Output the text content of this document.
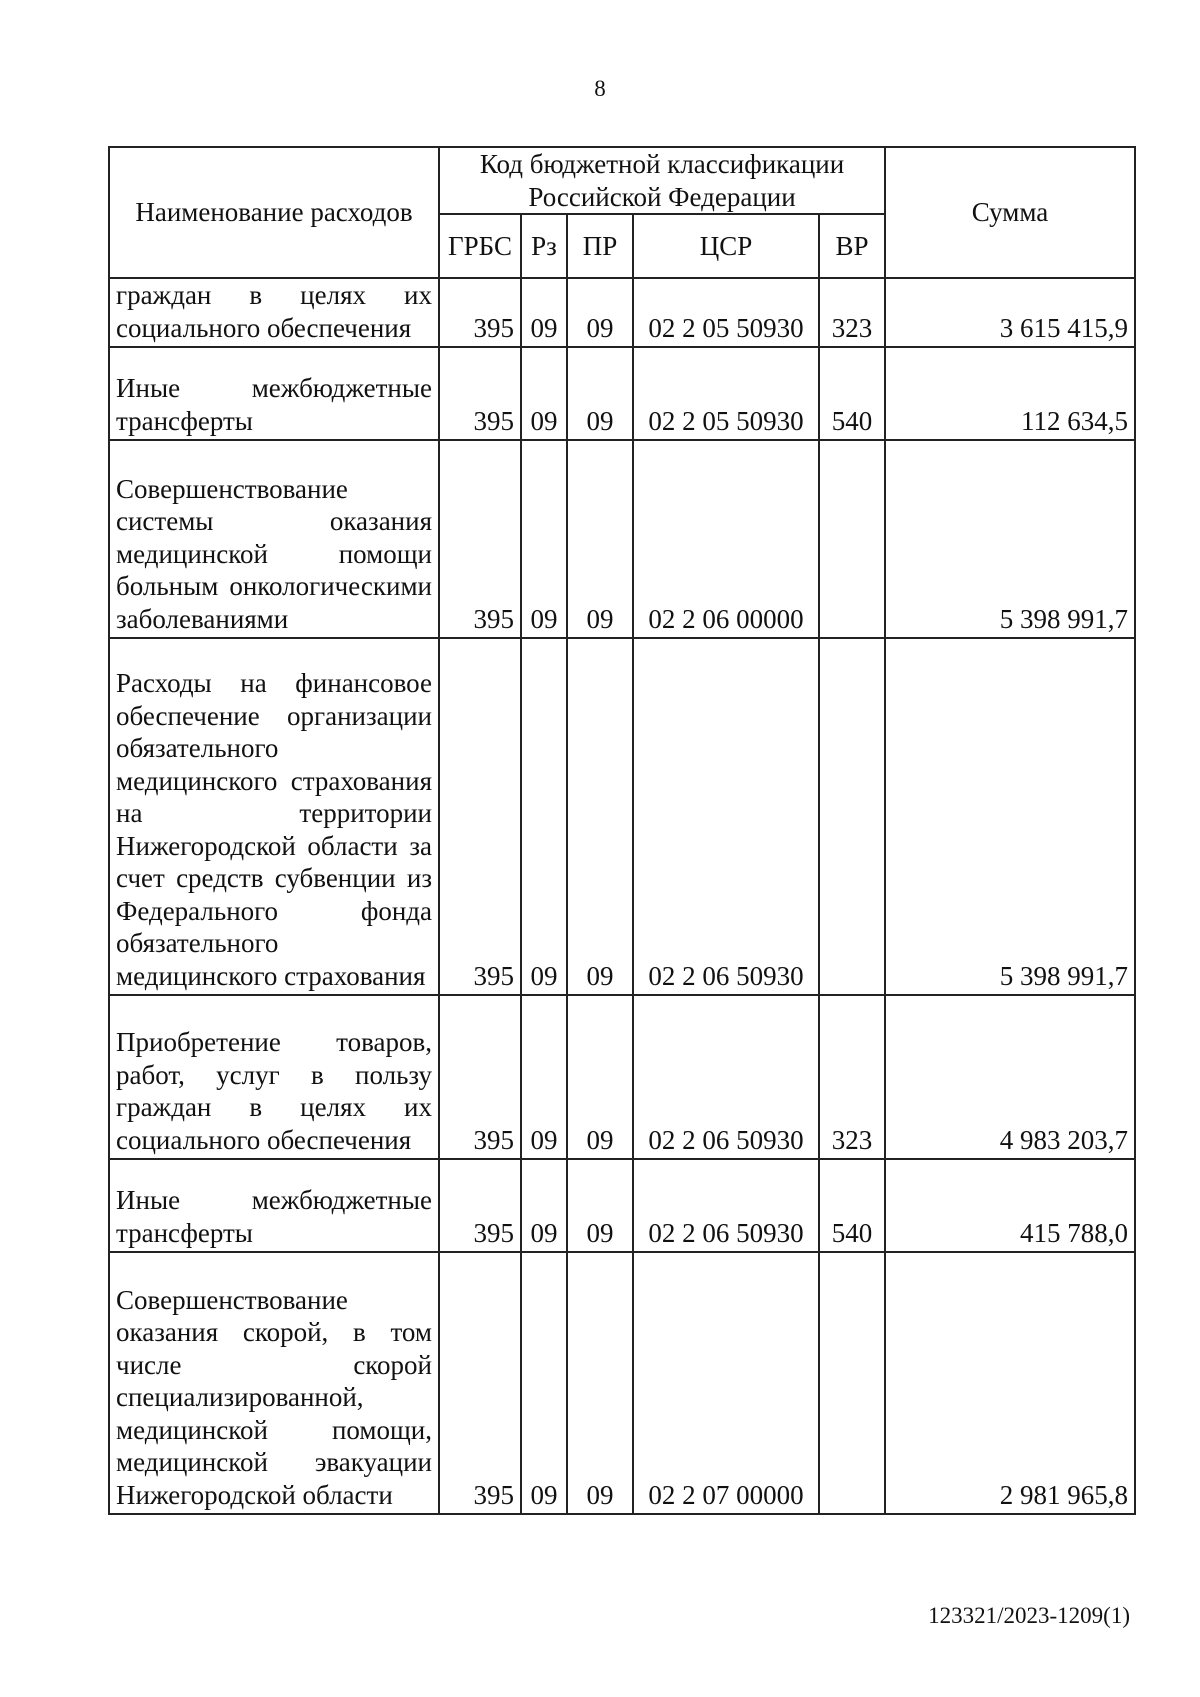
8
Наименование расходов	Код бюджетной классификации Российской Федерации					Сумма
	ГРБС	Рз	ПР	ЦСР	ВР	
граждан в целях их социального обеспечения	395	09	09	02 2 05 50930	323	3 615 415,9
Иные межбюджетные трансферты	395	09	09	02 2 05 50930	540	112 634,5
Совершенствование системы оказания медицинской помощи больным онкологическими заболеваниями	395	09	09	02 2 06 00000		5 398 991,7
Расходы на финансовое обеспечение организации обязательного медицинского страхования на территории Нижегородской области за счет средств субвенции из Федерального фонда обязательного медицинского страхования	395	09	09	02 2 06 50930		5 398 991,7
Приобретение товаров, работ, услуг в пользу граждан в целях их социального обеспечения	395	09	09	02 2 06 50930	323	4 983 203,7
Иные межбюджетные трансферты	395	09	09	02 2 06 50930	540	415 788,0
Совершенствование оказания скорой, в том числе скорой специализированной, медицинской помощи, медицинской эвакуации Нижегородской области	395	09	09	02 2 07 00000		2 981 965,8
123321/2023-1209(1)
